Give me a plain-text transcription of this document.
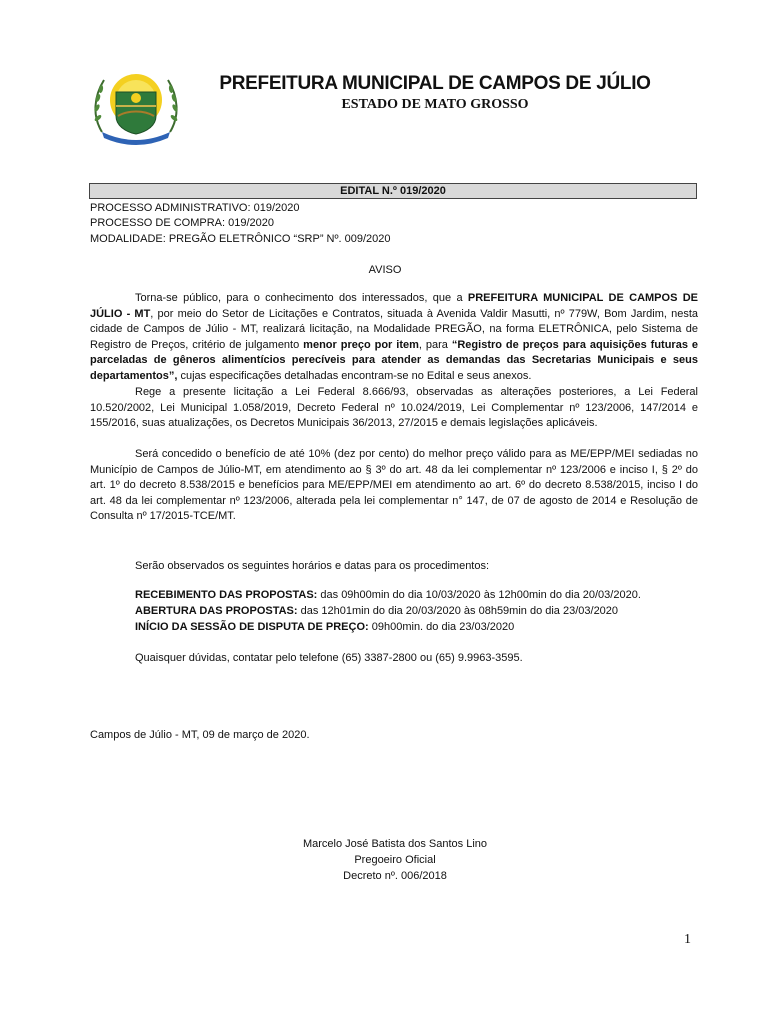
PREFEITURA MUNICIPAL DE CAMPOS DE JÚLIO
ESTADO DE MATO GROSSO
EDITAL N.º 019/2020
PROCESSO ADMINISTRATIVO: 019/2020
PROCESSO DE COMPRA: 019/2020
MODALIDADE: PREGÃO ELETRÔNICO “SRP” Nº. 009/2020
AVISO
Torna-se público, para o conhecimento dos interessados, que a PREFEITURA MUNICIPAL DE CAMPOS DE JÚLIO - MT, por meio do Setor de Licitações e Contratos, situada à Avenida Valdir Masutti, nº 779W, Bom Jardim, nesta cidade de Campos de Júlio - MT, realizará licitação, na Modalidade PREGÃO, na forma ELETRÔNICA, pelo Sistema de Registro de Preços, critério de julgamento menor preço por item, para “Registro de preços para aquisições futuras e parceladas de gêneros alimentícios perecíveis para atender as demandas das Secretarias Municipais e seus departamentos”, cujas especificações detalhadas encontram-se no Edital e seus anexos.
Rege a presente licitação a Lei Federal 8.666/93, observadas as alterações posteriores, a Lei Federal 10.520/2002, Lei Municipal 1.058/2019, Decreto Federal nº 10.024/2019, Lei Complementar nº 123/2006, 147/2014 e 155/2016, suas atualizações, os Decretos Municipais 36/2013, 27/2015 e demais legislações aplicáveis.
Será concedido o benefício de até 10% (dez por cento) do melhor preço válido para as ME/EPP/MEI sediadas no Município de Campos de Júlio-MT, em atendimento ao § 3º do art. 48 da lei complementar nº 123/2006 e inciso I, § 2º do art. 1º do decreto 8.538/2015 e benefícios para ME/EPP/MEI em atendimento ao art. 6º do decreto 8.538/2015, inciso I do art. 48 da lei complementar nº 123/2006, alterada pela lei complementar n° 147, de 07 de agosto de 2014 e Resolução de Consulta nº 17/2015-TCE/MT.
Serão observados os seguintes horários e datas para os procedimentos:
RECEBIMENTO DAS PROPOSTAS: das 09h00min do dia 10/03/2020 às 12h00min do dia 20/03/2020.
ABERTURA DAS PROPOSTAS: das 12h01min do dia 20/03/2020 às 08h59min do dia 23/03/2020
INÍCIO DA SESSÃO DE DISPUTA DE PREÇO: 09h00min. do dia 23/03/2020
Quaisquer dúvidas, contatar pelo telefone (65) 3387-2800 ou (65) 9.9963-3595.
Campos de Júlio - MT, 09 de março de 2020.
Marcelo José Batista dos Santos Lino
Pregoeiro Oficial
Decreto nº. 006/2018
1
